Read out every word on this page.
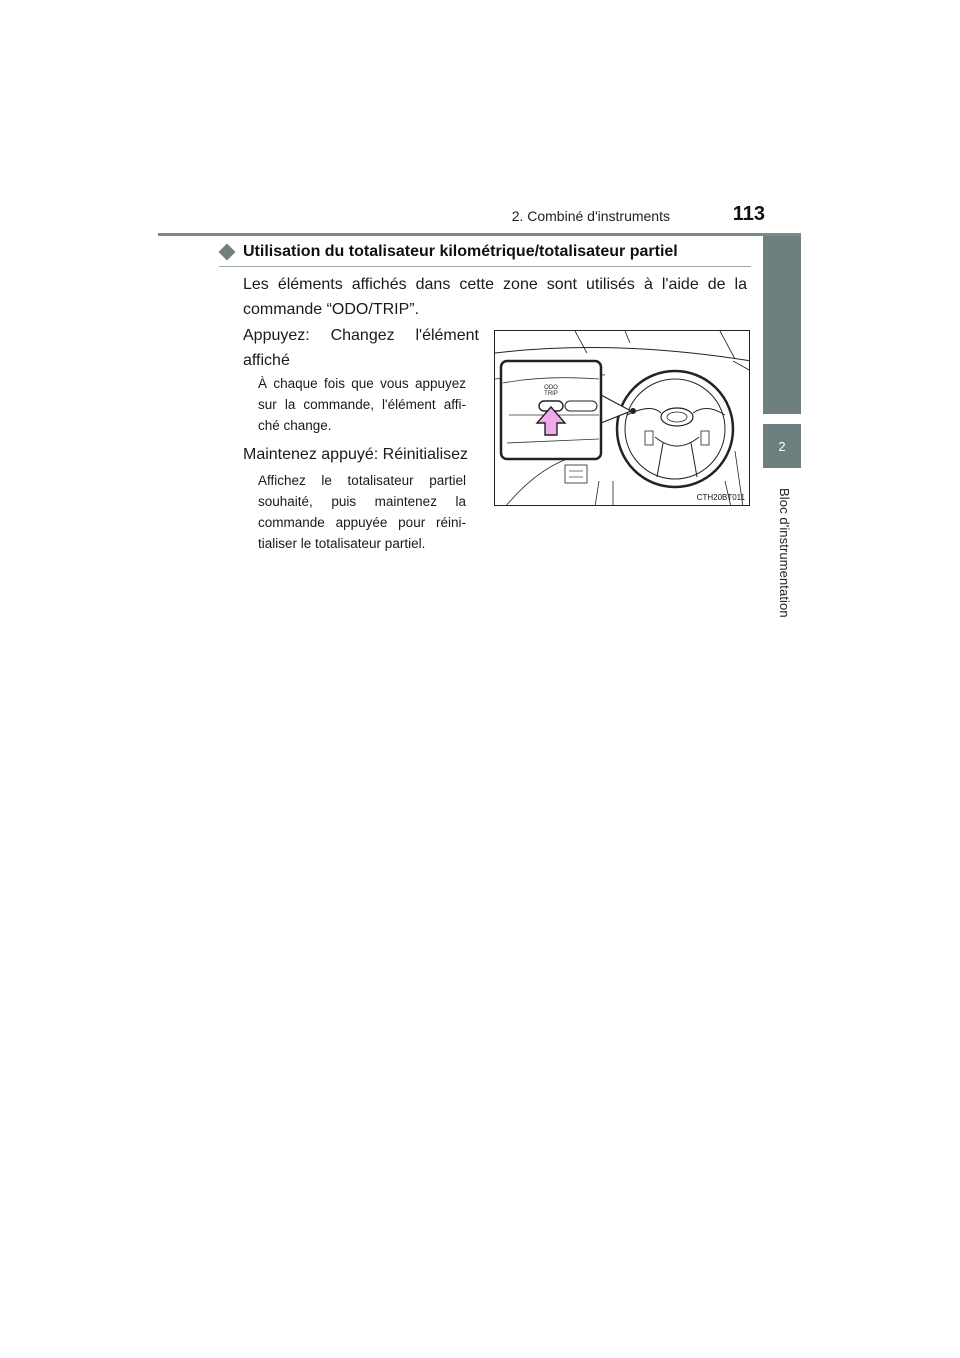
2. Combiné d'instruments	113
2
Bloc d'instrumentation
Utilisation du totalisateur kilométrique/totalisateur partiel
Les éléments affichés dans cette zone sont utilisés à l'aide de la commande “ODO/TRIP”.
Appuyez: Changez l'élément affiché
À chaque fois que vous appuyez sur la commande, l'élément affi-ché change.
Maintenez appuyé: Réinitialisez
Affichez le totalisateur partiel souhaité, puis maintenez la commande appuyée pour réini-tialiser le totalisateur partiel.
ODO
TRIP
CTH20BT011
